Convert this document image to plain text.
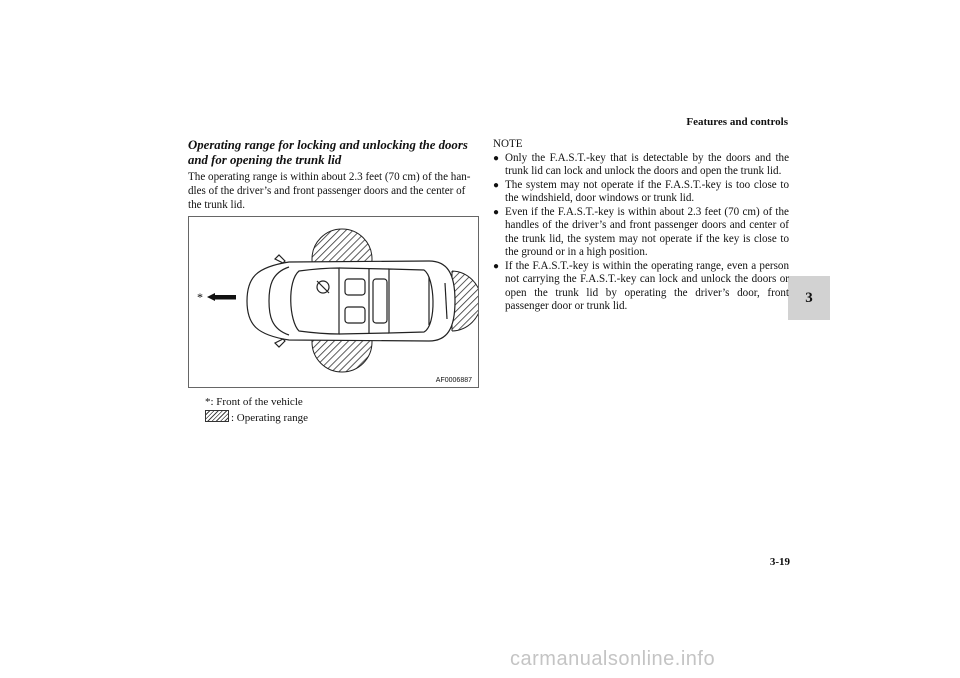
Features and controls
3
Operating range for locking and unlocking the doors and for opening the trunk lid
The operating range is within about 2.3 feet (70 cm) of the han-dles of the driver’s and front passenger doors and the center of the trunk lid.
*
AF0006887
*: Front of the vehicle
: Operating range
NOTE
● Only the F.A.S.T.-key that is detectable by the doors and the trunk lid can lock and unlock the doors and open the trunk lid.
● The system may not operate if the F.A.S.T.-key is too close to the windshield, door windows or trunk lid.
● Even if the F.A.S.T.-key is within about 2.3 feet (70 cm) of the handles of the driver’s and front passenger doors and center of the trunk lid, the system may not operate if the key is close to the ground or in a high position.
● If the F.A.S.T.-key is within the operating range, even a person not carrying the F.A.S.T.-key can lock and unlock the doors or open the trunk lid by operating the driver’s door, front passenger door or trunk lid.
3-19
carmanualsonline.info
